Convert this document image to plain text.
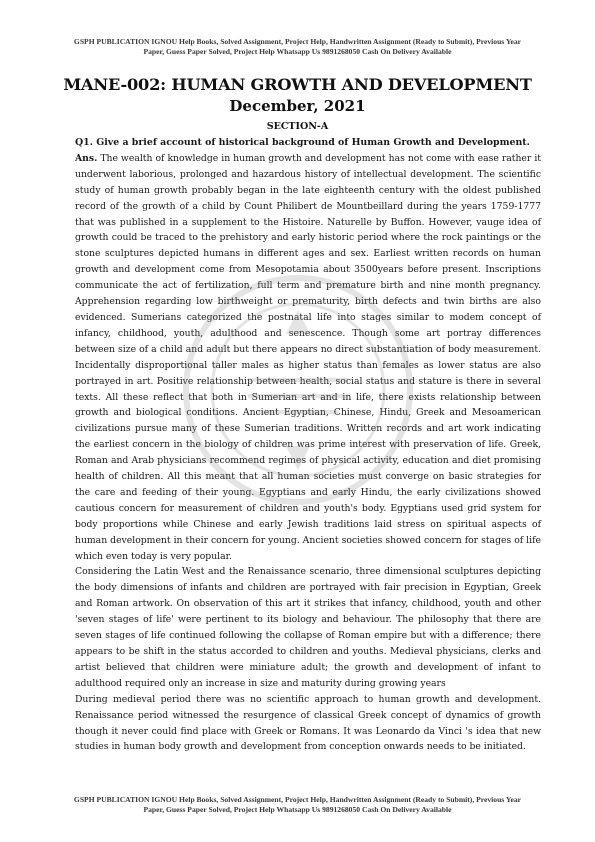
GSPH PUBLICATION IGNOU Help Books, Solved Assignment, Project Help, Handwritten Assignment (Ready to Submit), Previous Year Paper, Guess Paper Solved, Project Help Whatsapp Us 9891268050 Cash On Delivery Available
MANE-002: HUMAN GROWTH AND DEVELOPMENT
December, 2021
SECTION-A

Q1. Give a brief account of historical background of Human Growth and Development.

Ans. The wealth of knowledge in human growth and development has not come with ease rather it underwent laborious, prolonged and hazardous history of intellectual development. The scientific study of human growth probably began in the late eighteenth century with the oldest published record of the growth of a child by Count Philibert de Mountbeillard during the years 1759-1777 that was published in a supplement to the Histoire. Naturelle by Buffon. However, vauge idea of growth could be traced to the prehistory and early historic period where the rock paintings or the stone sculptures depicted humans in different ages and sex. Earliest written records on human growth and development come from Mesopotamia about 3500years before present. Inscriptions communicate the act of fertilization, full term and premature birth and nine month pregnancy. Apprehension regarding low birthweight or prematurity, birth defects and twin births are also evidenced. Sumerians categorized the postnatal life into stages similar to modem concept of infancy, childhood, youth, adulthood and senescence. Though some art portray differences between size of a child and adult but there appears no direct substantiation of body measurement. Incidentally disproportional taller males as higher status than females as lower status are also portrayed in art. Positive relationship between health, social status and stature is there in several texts. All these reflect that both in Sumerian art and in life, there exists relationship between growth and biological conditions. Ancient Egyptian, Chinese, Hindu, Greek and Mesoamerican civilizations pursue many of these Sumerian traditions. Written records and art work indicating the earliest concern in the biology of children was prime interest with preservation of life. Greek, Roman and Arab physicians recommend regimes of physical activity, education and diet promising health of children. All this meant that all human societies must converge on basic strategies for the care and feeding of their young. Egyptians and early Hindu, the early civilizations showed cautious concern for measurement of children and youth's body. Egyptians used grid system for body proportions while Chinese and early Jewish traditions laid stress on spiritual aspects of human development in their concern for young. Ancient societies showed concern for stages of life which even today is very popular.

Considering the Latin West and the Renaissance scenario, three dimensional sculptures depicting the body dimensions of infants and children are portrayed with fair precision in Egyptian, Greek and Roman artwork. On observation of this art it strikes that infancy, childhood, youth and other 'seven stages of life' were pertinent to its biology and behaviour. The philosophy that there are seven stages of life continued following the collapse of Roman empire but with a difference; there appears to be shift in the status accorded to children and youths. Medieval physicians, clerks and artist believed that children were miniature adult; the growth and development of infant to adulthood required only an increase in size and maturity during growing years

During medieval period there was no scientific approach to human growth and development. Renaissance period witnessed the resurgence of classical Greek concept of dynamics of growth though it never could find place with Greek or Romans. It was Leonardo da Vinci 's idea that new studies in human body growth and development from conception onwards needs to be initiated.

GSPH PUBLICATION IGNOU Help Books, Solved Assignment, Project Help, Handwritten Assignment (Ready to Submit), Previous Year Paper, Guess Paper Solved, Project Help Whatsapp Us 9891268050 Cash On Delivery Available
